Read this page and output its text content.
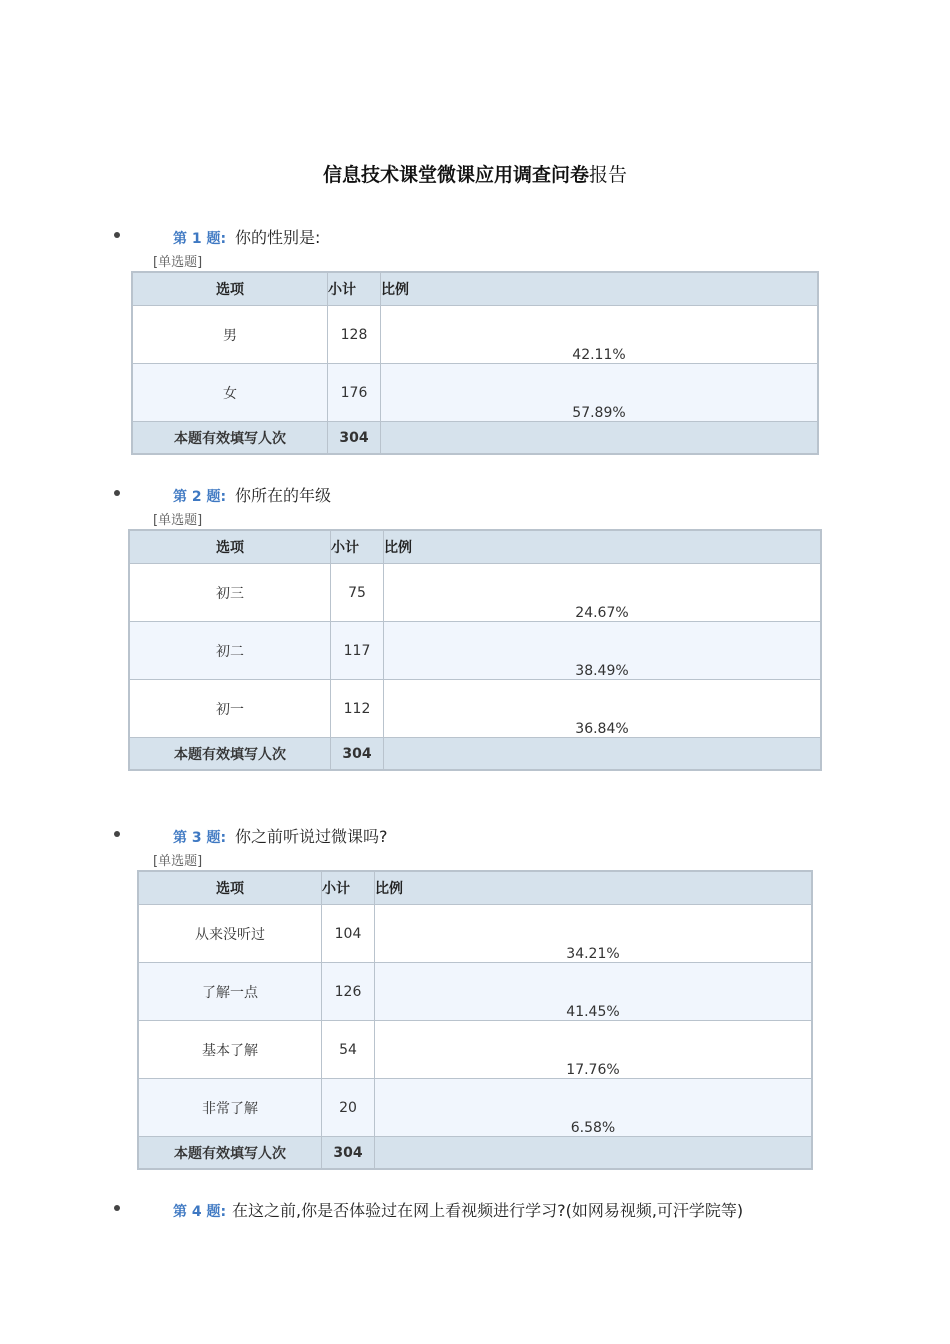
信息技术课堂微课应用调查问卷报告
第 1 题: 你的性别是:
[单选题]
选项	小计	比例
男	128	42.11%
女	176	57.89%
本题有效填写人次	304	
第 2 题: 你所在的年级
[单选题]
选项	小计	比例
初三	75	24.67%
初二	117	38.49%
初一	112	36.84%
本题有效填写人次	304	
第 3 题: 你之前听说过微课吗?
[单选题]
选项	小计	比例
从来没听过	104	34.21%
了解一点	126	41.45%
基本了解	54	17.76%
非常了解	20	6.58%
本题有效填写人次	304	
第 4 题: 在这之前,你是否体验过在网上看视频进行学习?(如网易视频,可汗学院等)
